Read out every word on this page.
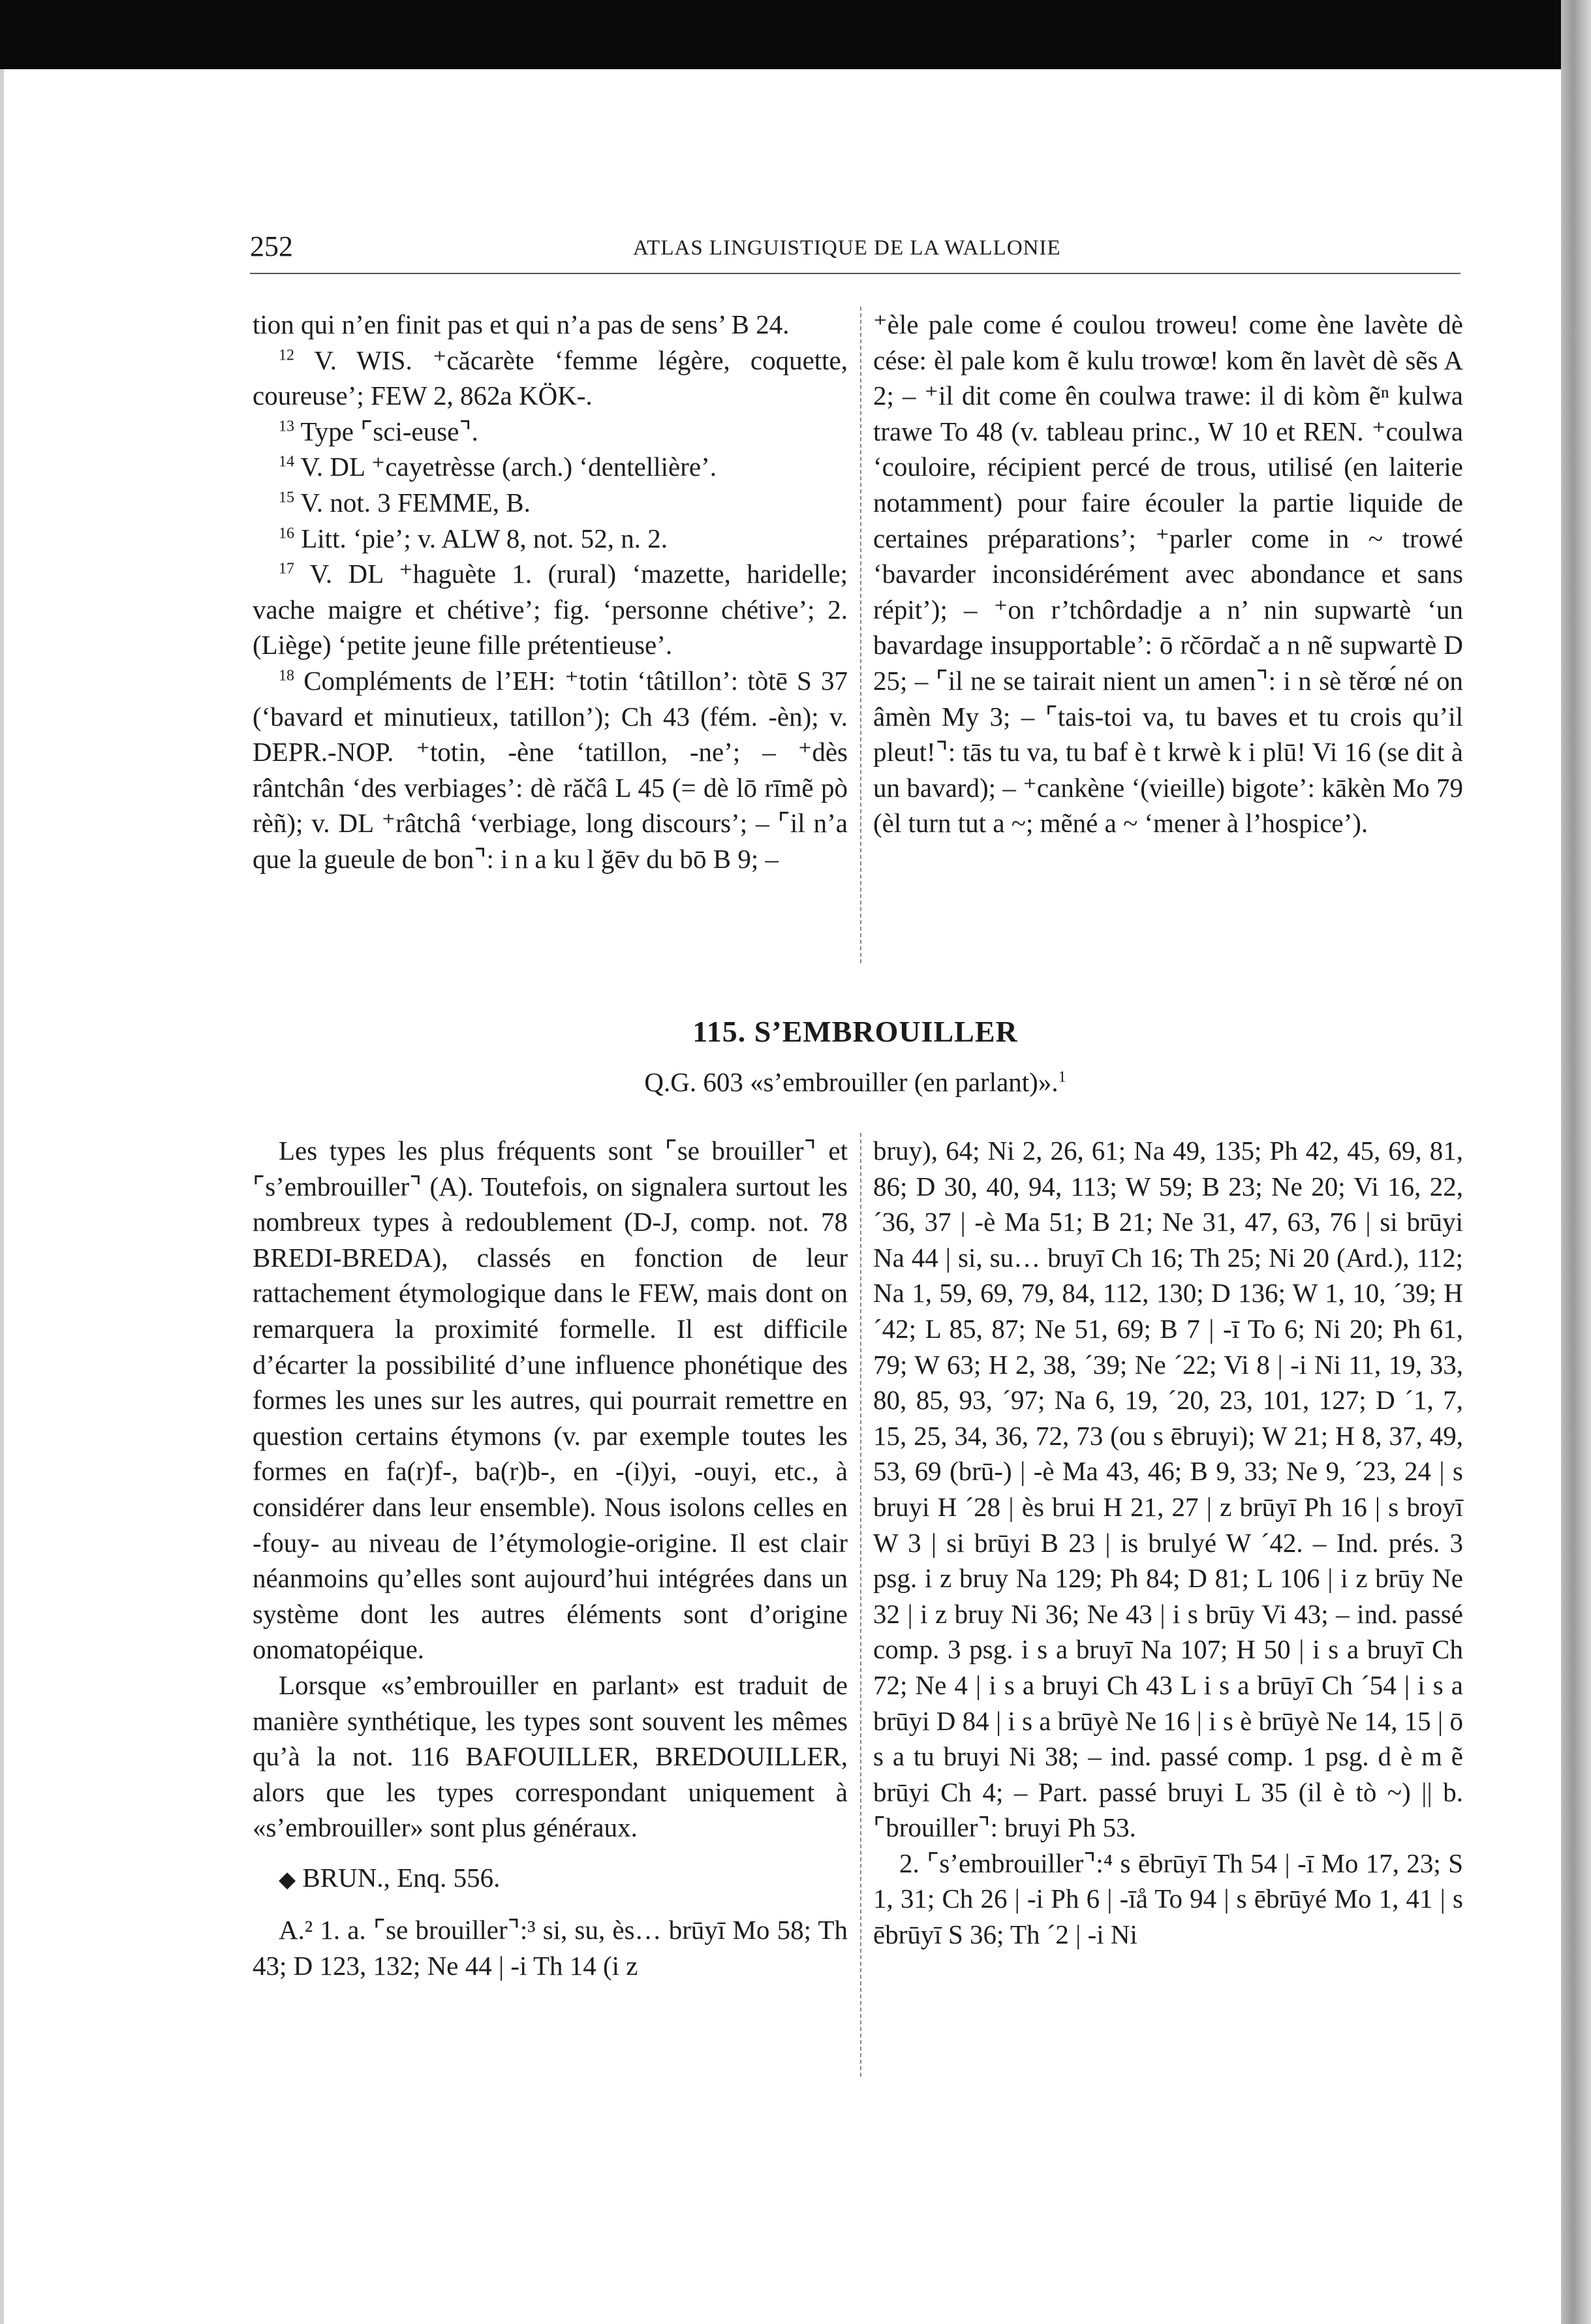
252	ATLAS LINGUISTIQUE DE LA WALLONIE

tion qui n’en finit pas et qui n’a pas de sens’ B 24.

$^{12}$ V. WIS. ⁺căcarète ‘femme légère, coquette, coureuse’; FEW 2, 862a KÖK-.

$^{13}$ Type ⌜sci-euse⌝.

$^{14}$ V. DL ⁺cayetrèsse (arch.) ‘dentellière’.

$^{15}$ V. not. 3 FEMME, B.

$^{16}$ Litt. ‘pie’; v. ALW 8, not. 52, n. 2.

$^{17}$ V. DL ⁺haguète 1. (rural) ‘mazette, haridelle; vache maigre et chétive’; fig. ‘personne chétive’; 2. (Liège) ‘petite jeune fille prétentieuse’.

$^{18}$ Compléments de l’EH: ⁺totin ‘tâtillon’: tòtē S 37 (‘bavard et minutieux, tatillon’); Ch 43 (fém. -èn); v. DEPR.-NOP. ⁺totin, -ène ‘tatillon, -ne’; – ⁺dès rântchân ‘des verbiages’: dè răčâ L 45 (= dè lō rīmẽ pò rèñ); v. DL ⁺râtchâ ‘verbiage, long discours’; – ⌜il n’a que la gueule de bon⌝: i n a ku l ğēv du bō B 9; –

⁺èle pale come é coulou troweu! come ène lavète dè cése: èl pale kom ẽ kulu trowœ! kom ẽn lavèt dè sẽs A 2; – ⁺il dit come ên coulwa trawe: il di kòm ẽⁿ kulwa trawe To 48 (v. tableau princ., W 10 et REN. ⁺coulwa ‘couloire, récipient percé de trous, utilisé (en laiterie notamment) pour faire écouler la partie liquide de certaines préparations’; ⁺parler come in ~ trowé ‘bavarder inconsidérément avec abondance et sans répit’); – ⁺on r’tchôrdadje a n’ nin supwartè ‘un bavardage insupportable’: ō rčōrdač a n nẽ supwartè D 25; – ⌜il ne se tairait nient un amen⌝: i n sè těrœ́ né on âmèn My 3; – ⌜tais-toi va, tu baves et tu crois qu’il pleut!⌝: tās tu va, tu baf è t krwè k i plū! Vi 16 (se dit à un bavard); – ⁺cankène ‘(vieille) bigote’: kākèn Mo 79 (èl turn tut a ~; mẽné a ~ ‘mener à l’hospice’).

115. S’EMBROUILLER
Q.G. 603 «s’embrouiller (en parlant)».$^1$

Les types les plus fréquents sont ⌜se brouiller⌝ et ⌜s’embrouiller⌝ (A). Toutefois, on signalera surtout les nombreux types à redoublement (D-J, comp. not. 78 BREDI-BREDA), classés en fonction de leur rattachement étymologique dans le FEW, mais dont on remarquera la proximité formelle. Il est difficile d’écarter la possibilité d’une influence phonétique des formes les unes sur les autres, qui pourrait remettre en question certains étymons (v. par exemple toutes les formes en fa(r)f-, ba(r)b-, en -(i)yi, -ouyi, etc., à considérer dans leur ensemble). Nous isolons celles en -fouy- au niveau de l’étymologie-origine. Il est clair néanmoins qu’elles sont aujourd’hui intégrées dans un système dont les autres éléments sont d’origine onomatopéique.

Lorsque «s’embrouiller en parlant» est traduit de manière synthétique, les types sont souvent les mêmes qu’à la not. 116 BAFOUILLER, BREDOUILLER, alors que les types correspondant uniquement à «s’embrouiller» sont plus généraux.

◆ BRUN., Enq. 556.

A.² 1. a. ⌜se brouiller⌝:³ si, su, ès… brūyī Mo 58; Th 43; D 123, 132; Ne 44 | -i Th 14 (i z

bruy), 64; Ni 2, 26, 61; Na 49, 135; Ph 42, 45, 69, 81, 86; D 30, 40, 94, 113; W 59; B 23; Ne 20; Vi 16, 22, ´36, 37 | -è Ma 51; B 21; Ne 31, 47, 63, 76 | si brūyi Na 44 | si, su… bruyī Ch 16; Th 25; Ni 20 (Ard.), 112; Na 1, 59, 69, 79, 84, 112, 130; D 136; W 1, 10, ´39; H ´42; L 85, 87; Ne 51, 69; B 7 | -ī To 6; Ni 20; Ph 61, 79; W 63; H 2, 38, ´39; Ne ´22; Vi 8 | -i Ni 11, 19, 33, 80, 85, 93, ´97; Na 6, 19, ´20, 23, 101, 127; D ´1, 7, 15, 25, 34, 36, 72, 73 (ou s ēbruyi); W 21; H 8, 37, 49, 53, 69 (brū-) | -è Ma 43, 46; B 9, 33; Ne 9, ´23, 24 | s bruyi H ´28 | ès brui H 21, 27 | z brūyī Ph 16 | s broyī W 3 | si brūyi B 23 | is brulyé W ´42. – Ind. prés. 3 psg. i z bruy Na 129; Ph 84; D 81; L 106 | i z brūy Ne 32 | i z bruy Ni 36; Ne 43 | i s brūy Vi 43; – ind. passé comp. 3 psg. i s a bruyī Na 107; H 50 | i s a bruyī Ch 72; Ne 4 | i s a bruyi Ch 43 L i s a brūyī Ch ´54 | i s a brūyi D 84 | i s a brūyè Ne 16 | i s è brūyè Ne 14, 15 | ō s a tu bruyi Ni 38; – ind. passé comp. 1 psg. d è m ẽ brūyi Ch 4; – Part. passé bruyi L 35 (il è tò ~) || b. ⌜brouiller⌝: bruyi Ph 53.

2. ⌜s’embrouiller⌝:⁴ s ēbrūyī Th 54 | -ī Mo 17, 23; S 1, 31; Ch 26 | -i Ph 6 | -īå To 94 | s ēbrūyé Mo 1, 41 | s ēbrūyī S 36; Th ´2 | -i Ni
